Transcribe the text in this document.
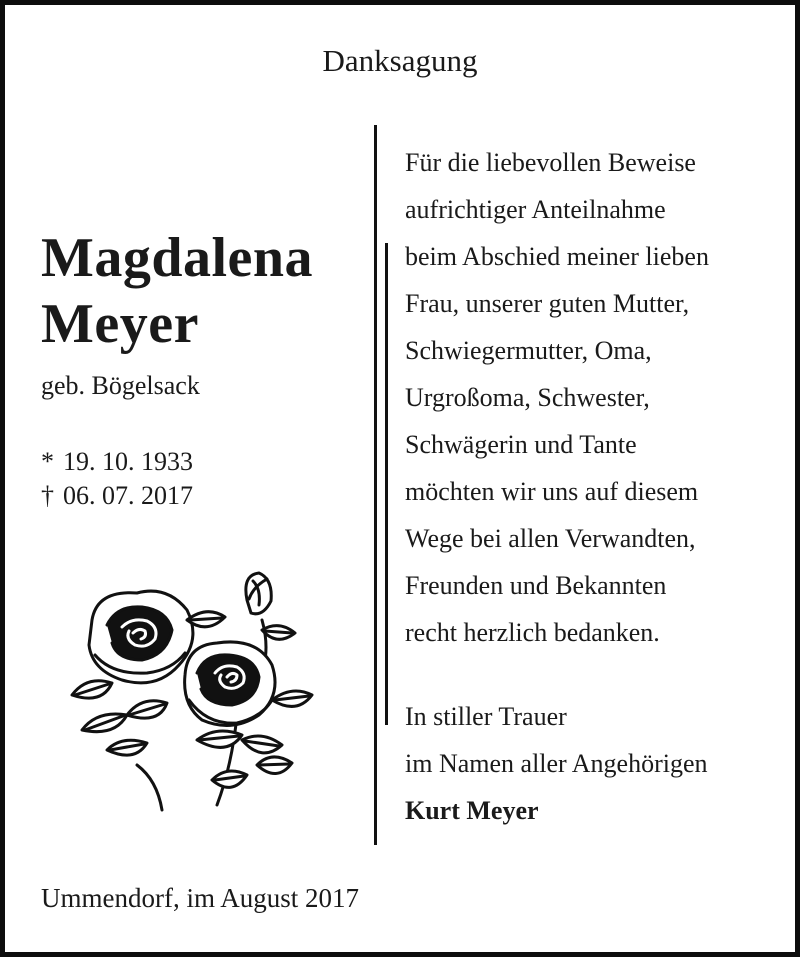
Danksagung
Magdalena
Meyer
geb. Bögelsack
* 19. 10. 1933
† 06. 07. 2017
Für die liebevollen Beweise
aufrichtiger Anteilnahme
beim Abschied meiner lieben
Frau, unserer guten Mutter,
Schwiegermutter, Oma,
Urgroßoma, Schwester,
Schwägerin und Tante
möchten wir uns auf diesem
Wege bei allen Verwandten,
Freunden und Bekannten
recht herzlich bedanken.
In stiller Trauer
im Namen aller Angehörigen
Kurt Meyer
Ummendorf, im August 2017
